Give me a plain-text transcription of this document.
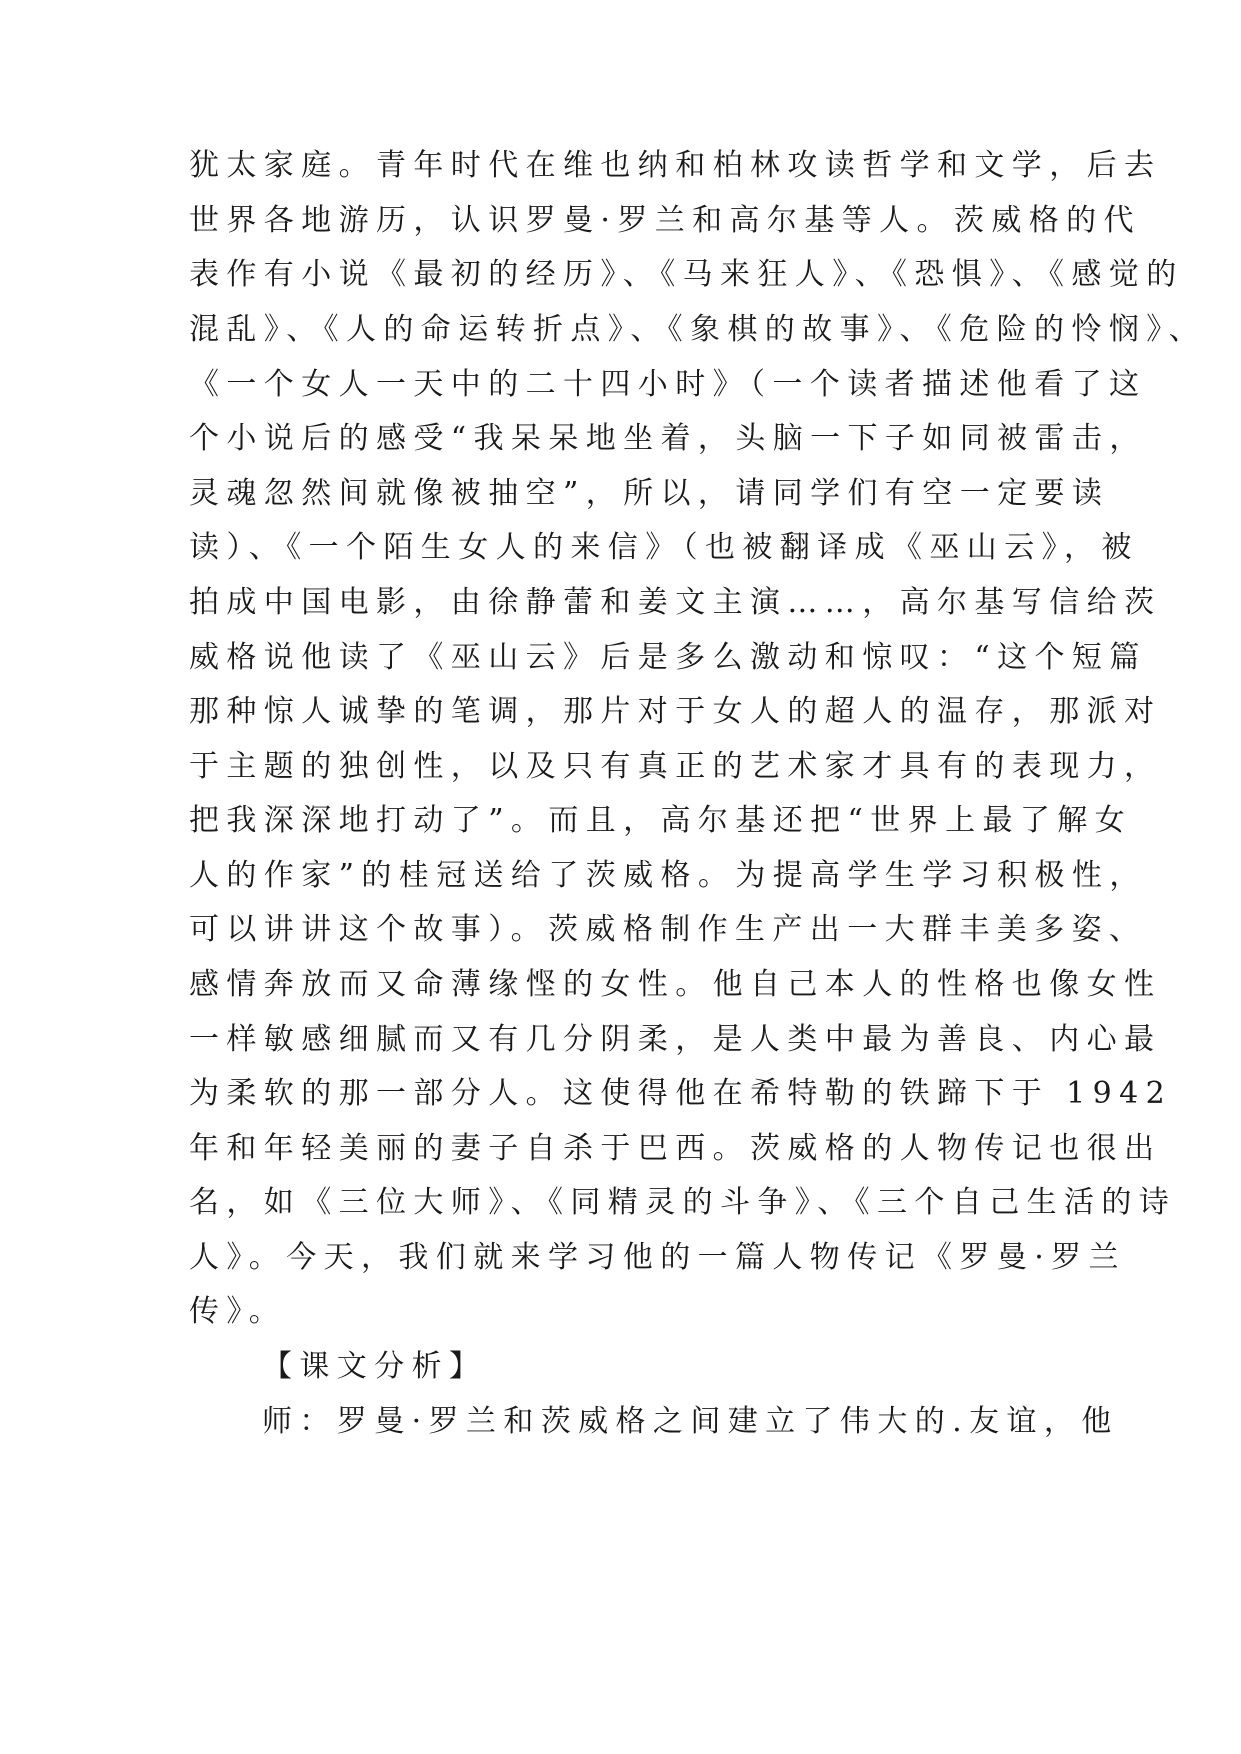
犹太家庭。青年时代在维也纳和柏林攻读哲学和文学，后去
世界各地游历，认识罗曼·罗兰和高尔基等人。茨威格的代
表作有小说《最初的经历》、《马来狂人》、《恐惧》、《感觉的
混乱》、《人的命运转折点》、《象棋的故事》、《危险的怜悯》、
《一个女人一天中的二十四小时》（一个读者描述他看了这
个小说后的感受“我呆呆地坐着，头脑一下子如同被雷击，
灵魂忽然间就像被抽空”，所以，请同学们有空一定要读
读）、《一个陌生女人的来信》（也被翻译成《巫山云》，被
拍成中国电影，由徐静蕾和姜文主演……，高尔基写信给茨
威格说他读了《巫山云》后是多么激动和惊叹：“这个短篇
那种惊人诚挚的笔调，那片对于女人的超人的温存，那派对
于主题的独创性，以及只有真正的艺术家才具有的表现力，
把我深深地打动了”。而且，高尔基还把“世界上最了解女
人的作家”的桂冠送给了茨威格。为提高学生学习积极性，
可以讲讲这个故事）。茨威格制作生产出一大群丰美多姿、
感情奔放而又命薄缘悭的女性。他自己本人的性格也像女性
一样敏感细腻而又有几分阴柔，是人类中最为善良、内心最
为柔软的那一部分人。这使得他在希特勒的铁蹄下于 1942
年和年轻美丽的妻子自杀于巴西。茨威格的人物传记也很出
名，如《三位大师》、《同精灵的斗争》、《三个自己生活的诗
人》。今天，我们就来学习他的一篇人物传记《罗曼·罗兰
传》。
【课文分析】
师：罗曼·罗兰和茨威格之间建立了伟大的.友谊，他
